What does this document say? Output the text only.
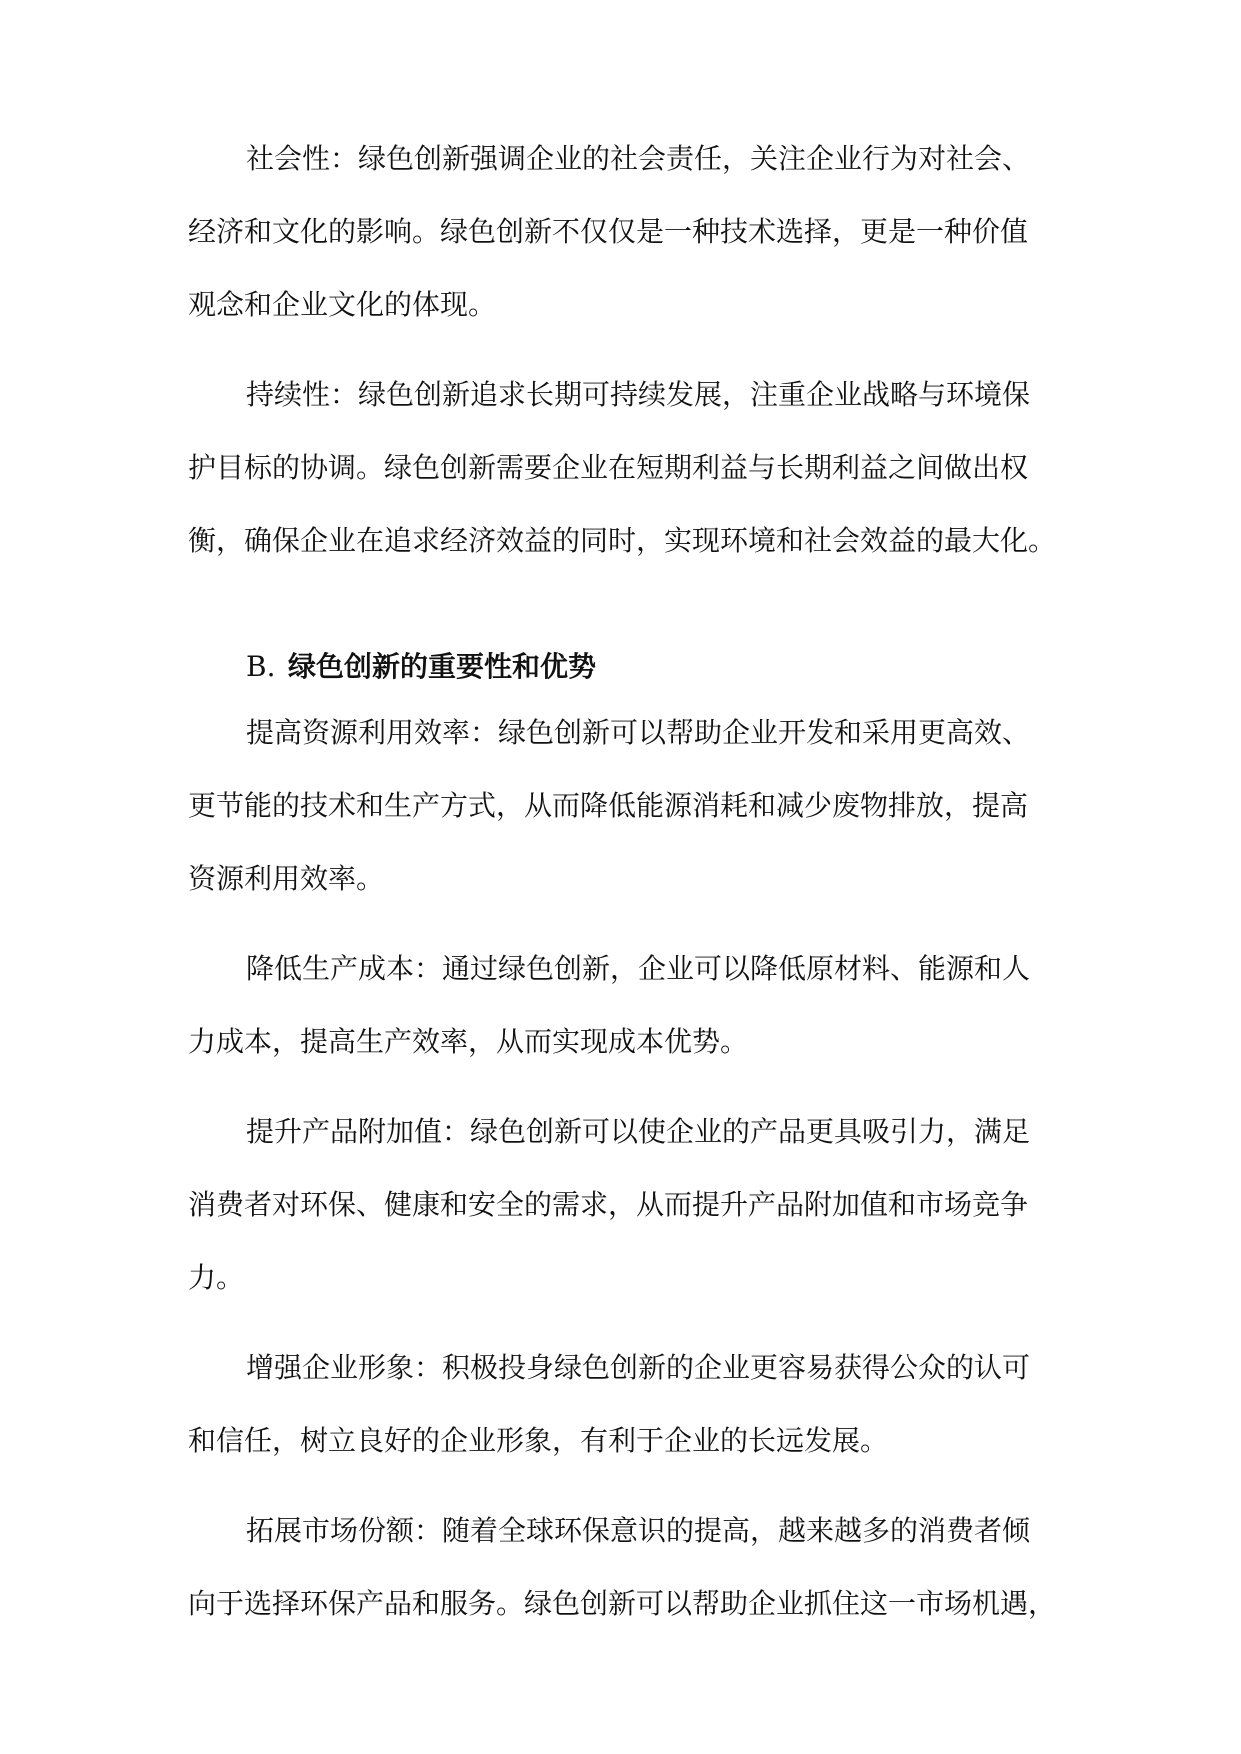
社会性：绿色创新强调企业的社会责任，关注企业行为对社会、
经济和文化的影响。绿色创新不仅仅是一种技术选择，更是一种价值
观念和企业文化的体现。
持续性：绿色创新追求长期可持续发展，注重企业战略与环境保
护目标的协调。绿色创新需要企业在短期利益与长期利益之间做出权
衡，确保企业在追求经济效益的同时，实现环境和社会效益的最大化。
B. 绿色创新的重要性和优势
提高资源利用效率：绿色创新可以帮助企业开发和采用更高效、
更节能的技术和生产方式，从而降低能源消耗和减少废物排放，提高
资源利用效率。
降低生产成本：通过绿色创新，企业可以降低原材料、能源和人
力成本，提高生产效率，从而实现成本优势。
提升产品附加值：绿色创新可以使企业的产品更具吸引力，满足
消费者对环保、健康和安全的需求，从而提升产品附加值和市场竞争
力。
增强企业形象：积极投身绿色创新的企业更容易获得公众的认可
和信任，树立良好的企业形象，有利于企业的长远发展。
拓展市场份额：随着全球环保意识的提高，越来越多的消费者倾
向于选择环保产品和服务。绿色创新可以帮助企业抓住这一市场机遇，
